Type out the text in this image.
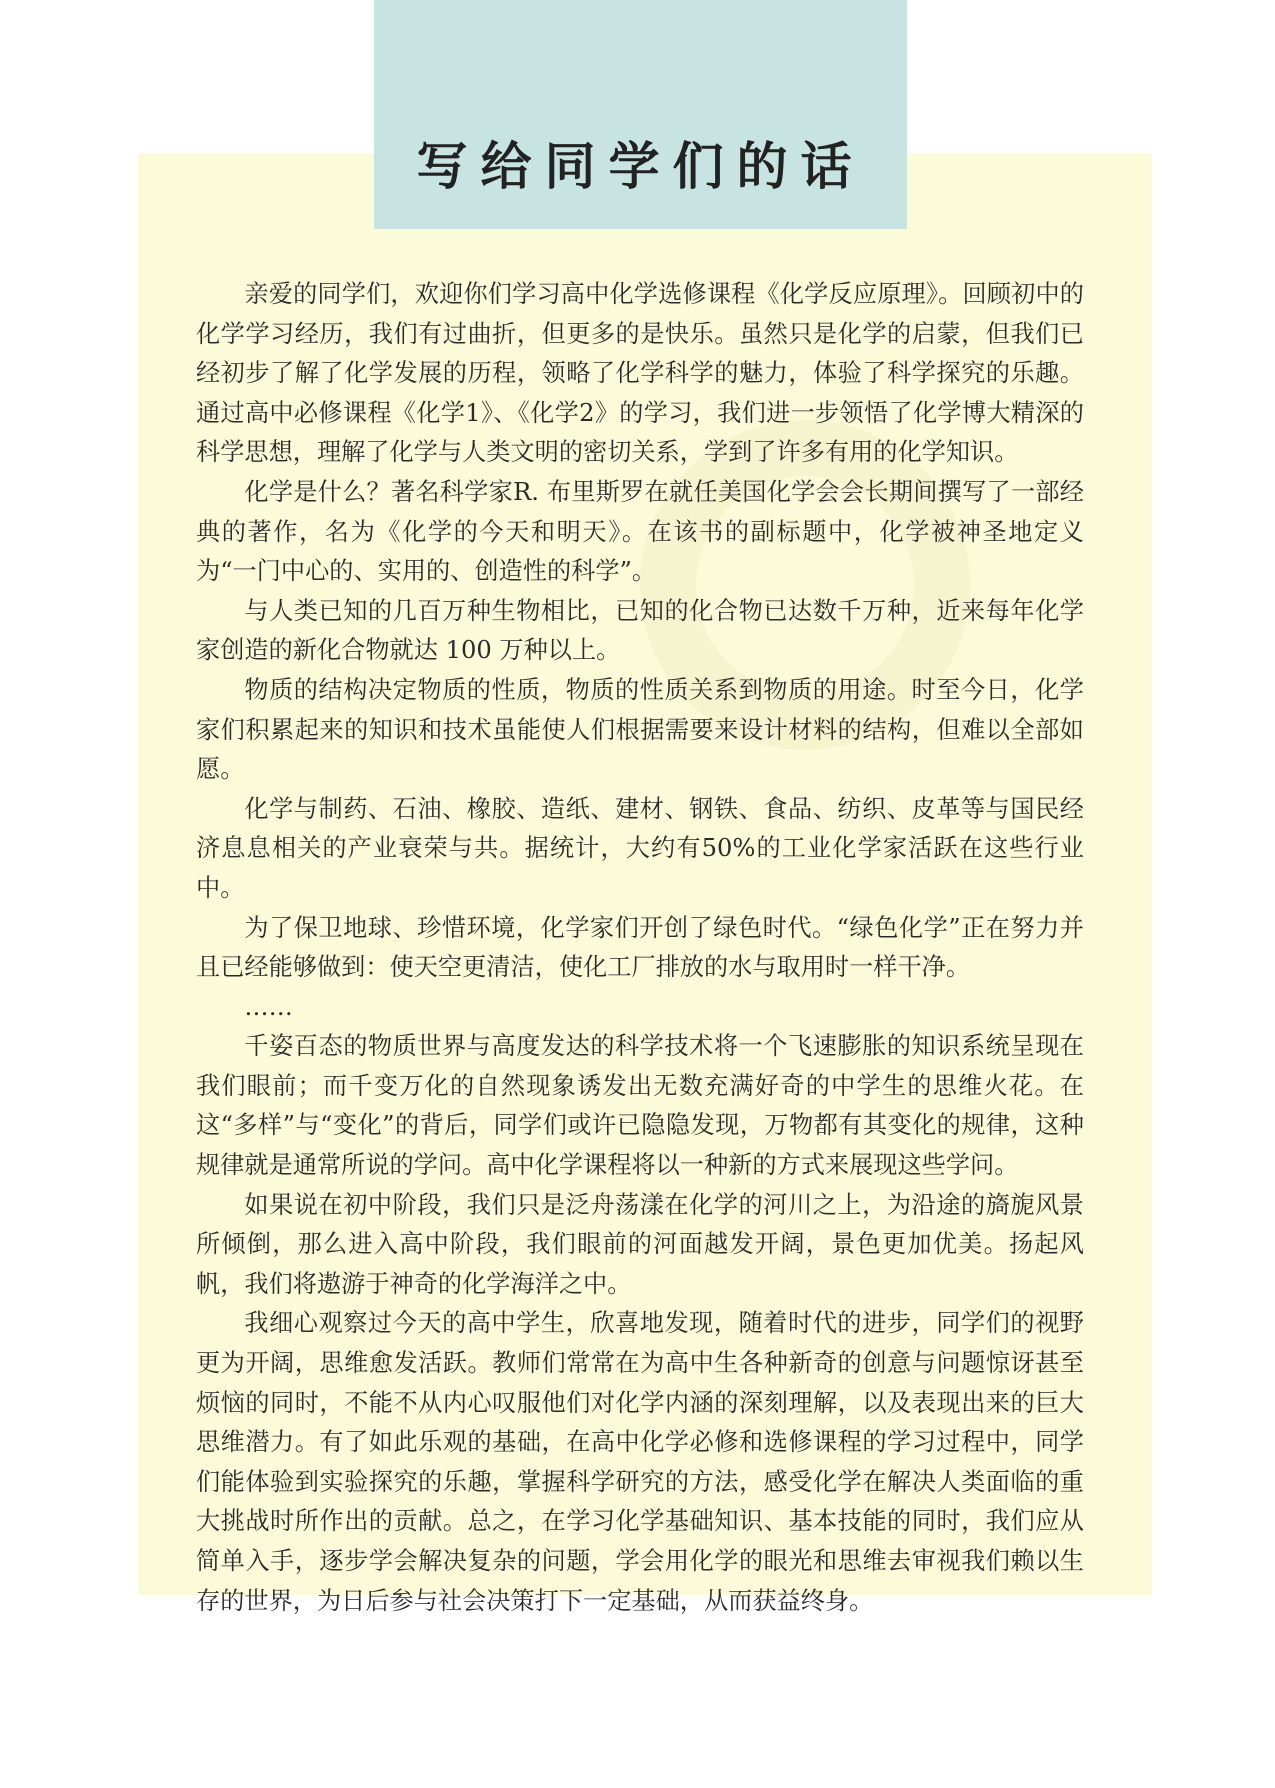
写给同学们的话

亲爱的同学们，欢迎你们学习高中化学选修课程《化学反应原理》。回顾初中的化学学习经历，我们有过曲折，但更多的是快乐。虽然只是化学的启蒙，但我们已经初步了解了化学发展的历程，领略了化学科学的魅力，体验了科学探究的乐趣。通过高中必修课程《化学1》、《化学2》的学习，我们进一步领悟了化学博大精深的科学思想，理解了化学与人类文明的密切关系，学到了许多有用的化学知识。

化学是什么？著名科学家R. 布里斯罗在就任美国化学会会长期间撰写了一部经典的著作，名为《化学的今天和明天》。在该书的副标题中，化学被神圣地定义为“一门中心的、实用的、创造性的科学”。

与人类已知的几百万种生物相比，已知的化合物已达数千万种，近来每年化学家创造的新化合物就达 100 万种以上。

物质的结构决定物质的性质，物质的性质关系到物质的用途。时至今日，化学家们积累起来的知识和技术虽能使人们根据需要来设计材料的结构，但难以全部如愿。

化学与制药、石油、橡胶、造纸、建材、钢铁、食品、纺织、皮革等与国民经济息息相关的产业衰荣与共。据统计，大约有50%的工业化学家活跃在这些行业中。

为了保卫地球、珍惜环境，化学家们开创了绿色时代。“绿色化学”正在努力并且已经能够做到：使天空更清洁，使化工厂排放的水与取用时一样干净。

……

千姿百态的物质世界与高度发达的科学技术将一个飞速膨胀的知识系统呈现在我们眼前；而千变万化的自然现象诱发出无数充满好奇的中学生的思维火花。在这“多样”与“变化”的背后，同学们或许已隐隐发现，万物都有其变化的规律，这种规律就是通常所说的学问。高中化学课程将以一种新的方式来展现这些学问。

如果说在初中阶段，我们只是泛舟荡漾在化学的河川之上，为沿途的旖旎风景所倾倒，那么进入高中阶段，我们眼前的河面越发开阔，景色更加优美。扬起风帆，我们将遨游于神奇的化学海洋之中。

我细心观察过今天的高中学生，欣喜地发现，随着时代的进步，同学们的视野更为开阔，思维愈发活跃。教师们常常在为高中生各种新奇的创意与问题惊讶甚至烦恼的同时，不能不从内心叹服他们对化学内涵的深刻理解，以及表现出来的巨大思维潜力。有了如此乐观的基础，在高中化学必修和选修课程的学习过程中，同学们能体验到实验探究的乐趣，掌握科学研究的方法，感受化学在解决人类面临的重大挑战时所作出的贡献。总之，在学习化学基础知识、基本技能的同时，我们应从简单入手，逐步学会解决复杂的问题，学会用化学的眼光和思维去审视我们赖以生存的世界，为日后参与社会决策打下一定基础，从而获益终身。
